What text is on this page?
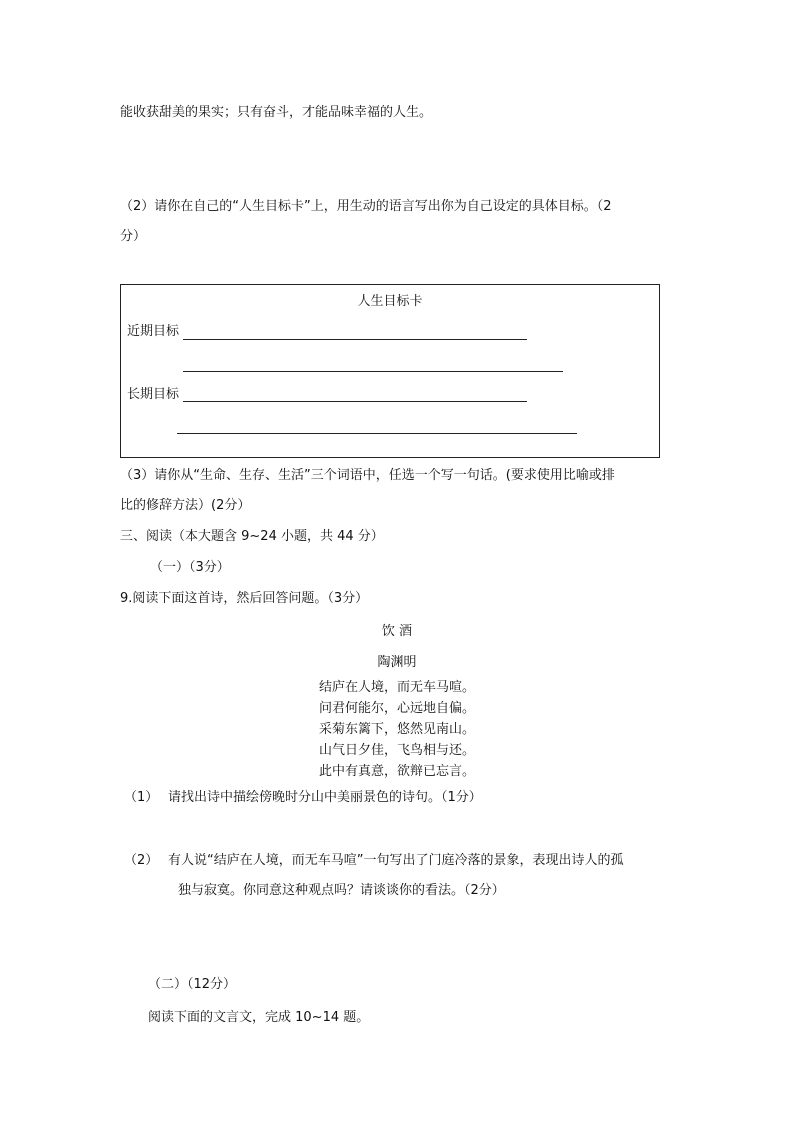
能收获甜美的果实；只有奋斗，才能品味幸福的人生。
（2）请你在自己的“人生目标卡”上，用生动的语言写出你为自己设定的具体目标。（2
分）
人生目标卡
近期目标
长期目标
（3）请你从“生命、生存、生活”三个词语中，任选一个写一句话。(要求使用比喻或排
比的修辞方法）(2分）
三、阅读（本大题含 9~24 小题，共 44 分）
（一）（3分）
9.阅读下面这首诗，然后回答问题。（3分）
饮 酒
陶渊明
结庐在人境，而无车马喧。
问君何能尔，心远地自偏。
采菊东篱下，悠然见南山。
山气日夕佳，飞鸟相与还。
此中有真意，欲辩已忘言。
（1） 请找出诗中描绘傍晚时分山中美丽景色的诗句。（1分）
（2） 有人说“结庐在人境，而无车马喧”一句写出了门庭冷落的景象，表现出诗人的孤
独与寂寞。你同意这种观点吗？请谈谈你的看法。（2分）
（二）（12分）
阅读下面的文言文，完成 10~14 题。
